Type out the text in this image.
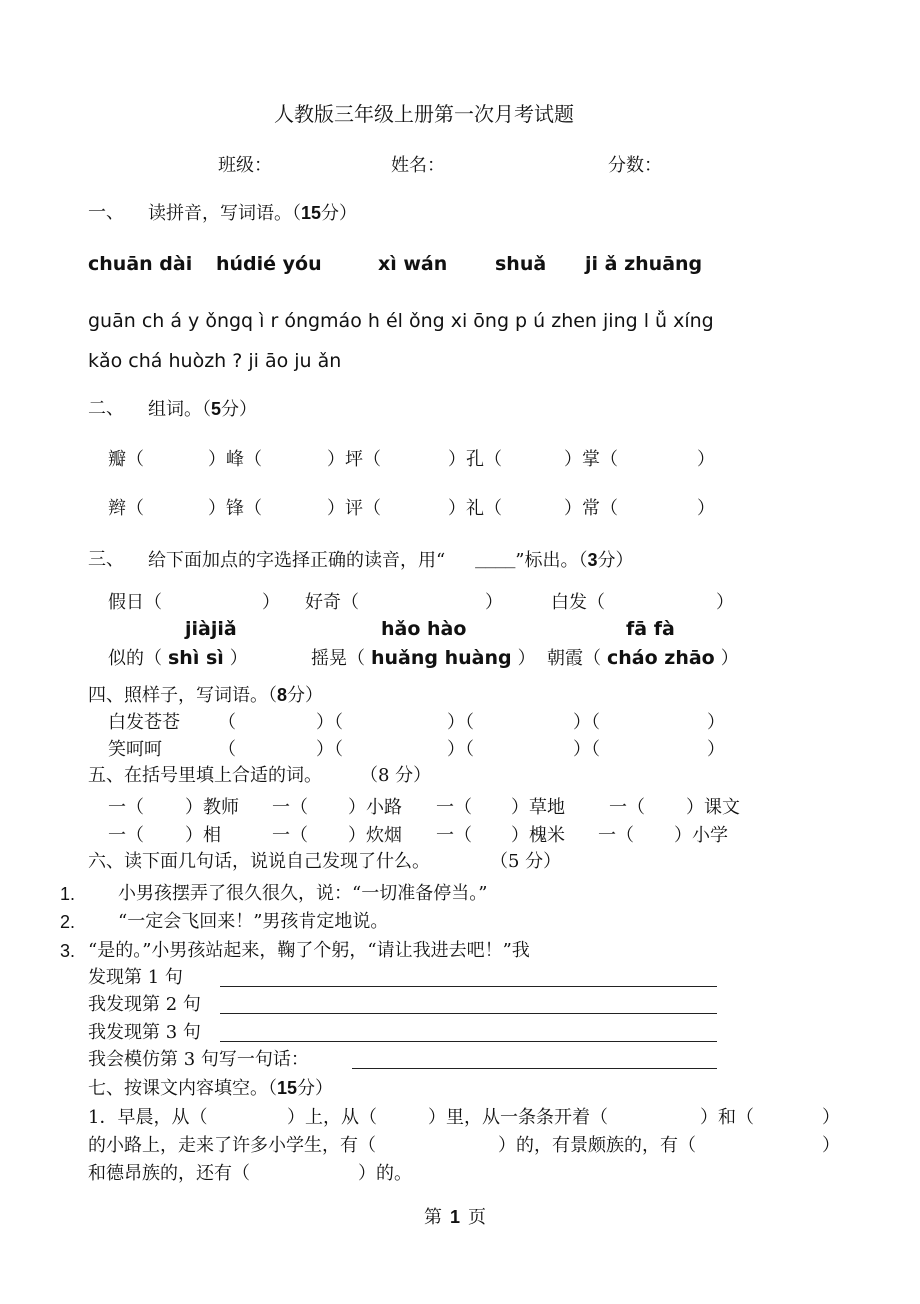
人教版三年级上册第一次月考试题
班级：	姓名：	分数：
一、 读拼音，写词语。（15分）
chuān dài húdié yóu	xì wán	shuǎ ji ǎ zhuāng
guān ch á y ǒngq ì r óngmáo h él ǒng xi ōng p ú zhen jing l ǚ xíng
kǎo chá huòzh ? ji āo ju ǎn
二、 组词。（5分）
瓣（	）峰（	）坪（	）孔（	）掌（	）
辫（	）锋（	）评（	）礼（	）常（	）
三、 给下面加点的字选择正确的读音，用“ ____”标出。（3分）
假日（	） 好奇（	）	白发（	）
jiàjiǎ	hǎo hào	fā fà
似的（ shì sì ）	摇晃（ huǎng huàng ） 朝霞（ cháo zhāo ）
四、照样子，写词语。（8分）
白发苍苍 （	）（	）（	）（	）
笑呵呵	（	）（	）（	）（	）
五、在括号里填上合适的词。 （8 分）
一（ ）教师 一（ ）小路 一（ ）草地 一（ ）课文
一（ ）相	一（ ）炊烟 一（ ）槐米 一（ ）小学
六、读下面几句话，说说自己发现了什么。	（5 分）
1. 小男孩摆弄了很久很久，说：“一切准备停当。”
2. “一定会飞回来！”男孩肯定地说。
3. “是的。”小男孩站起来，鞠了个躬，“请让我进去吧！”我
发现第 1 句
我发现第 2 句
我发现第 3 句
我会模仿第 3 句写一句话：
七、按课文内容填空。（15分）
1．早晨，从（	）上，从（	）里，从一条条开着（	）和（	）
的小路上，走来了许多小学生，有（	）的，有景颇族的，有（	）
和德昂族的，还有（	）的。
第 1 页
